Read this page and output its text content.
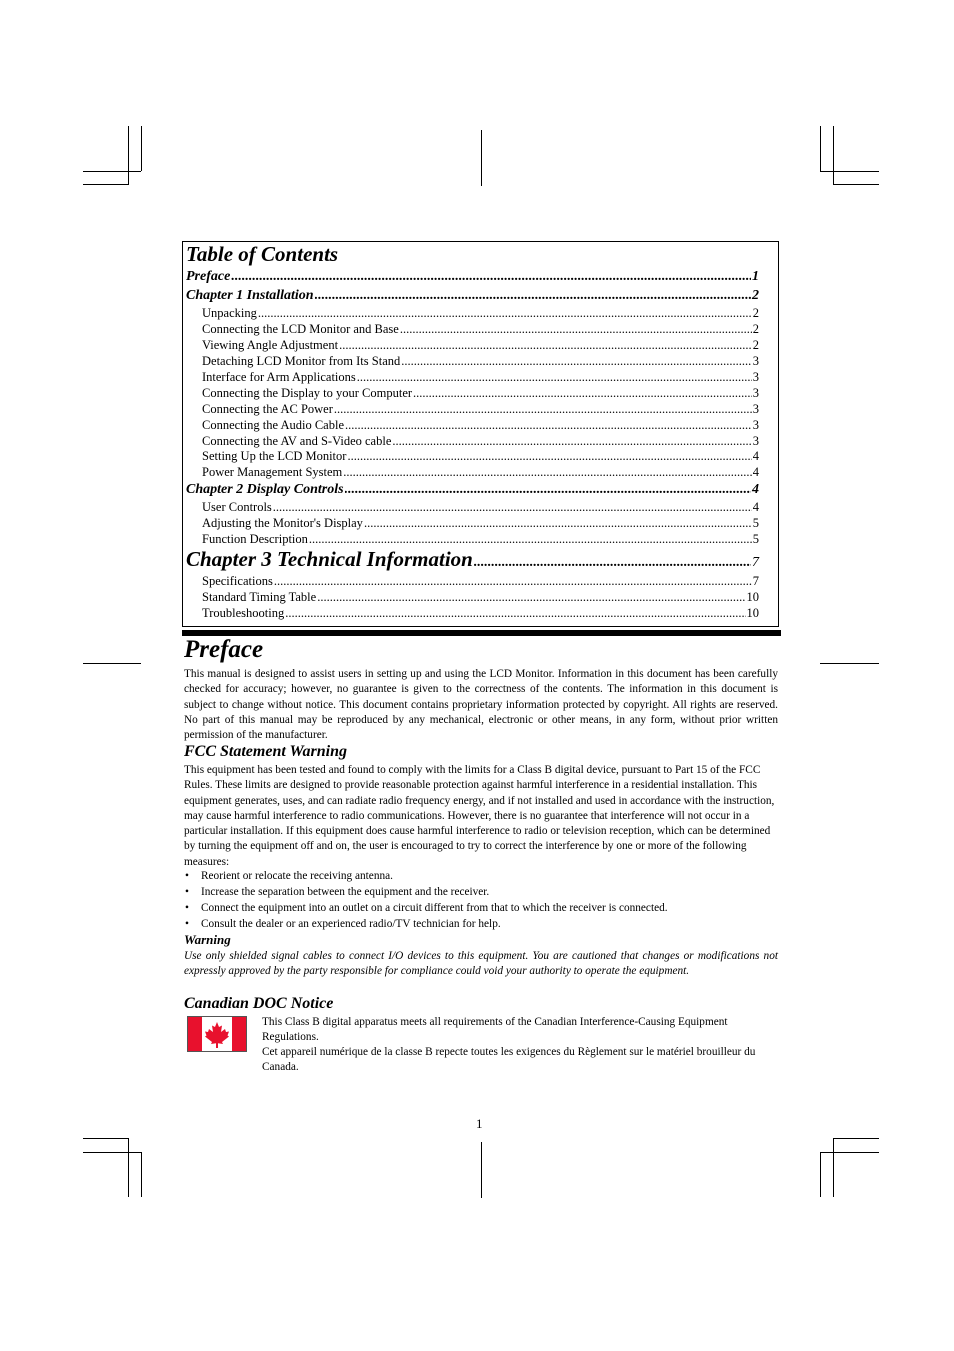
Table of Contents
Preface .....	1
Chapter 1 Installation .....	2
Unpacking .....	2
Connecting the LCD Monitor and Base .....	2
Viewing Angle Adjustment .....	2
Detaching LCD Monitor from Its Stand .....	3
Interface for Arm Applications .....	3
Connecting the Display to your Computer .....	3
Connecting the AC Power .....	3
Connecting the Audio Cable .....	3
Connecting the AV and S-Video cable .....	3
Setting Up the LCD Monitor .....	4
Power Management System .....	4
Chapter 2 Display Controls .....	4
User Controls .....	4
Adjusting the Monitor's Display .....	5
Function Description .....	5
Chapter 3 Technical Information .....	7
Specifications .....	7
Standard Timing Table .....	10
Troubleshooting .....	10
Preface

This manual is designed to assist users in setting up and using the LCD Monitor. Information in this document has been carefully checked for accuracy; however, no guarantee is given to the correctness of the contents. The information in this document is subject to change without notice. This document contains proprietary information protected by copyright. All rights are reserved. No part of this manual may be reproduced by any mechanical, electronic or other means, in any form, without prior written permission of the manufacturer.

FCC Statement Warning

This equipment has been tested and found to comply with the limits for a Class B digital device, pursuant to Part 15 of the FCC Rules. These limits are designed to provide reasonable protection against harmful interference in a residential installation. This equipment generates, uses, and can radiate radio frequency energy, and if not installed and used in accordance with the instruction, may cause harmful interference to radio communications. However, there is no guarantee that interference will not occur in a particular installation. If this equipment does cause harmful interference to radio or television reception, which can be determined by turning the equipment off and on, the user is encouraged to try to correct the interference by one or more of the following measures:

• Reorient or relocate the receiving antenna.
• Increase the separation between the equipment and the receiver.
• Connect the equipment into an outlet on a circuit different from that to which the receiver is connected.
• Consult the dealer or an experienced radio/TV technician for help.
Warning

Use only shielded signal cables to connect I/O devices to this equipment. You are cautioned that changes or modifications not expressly approved by the party responsible for compliance could void your authority to operate the equipment.

Canadian DOC Notice

This Class B digital apparatus meets all requirements of the Canadian Interference-Causing Equipment Regulations.

Cet appareil numérique de la classe B repecte toutes les exigences du Règlement sur le matériel brouilleur du Canada.

1
